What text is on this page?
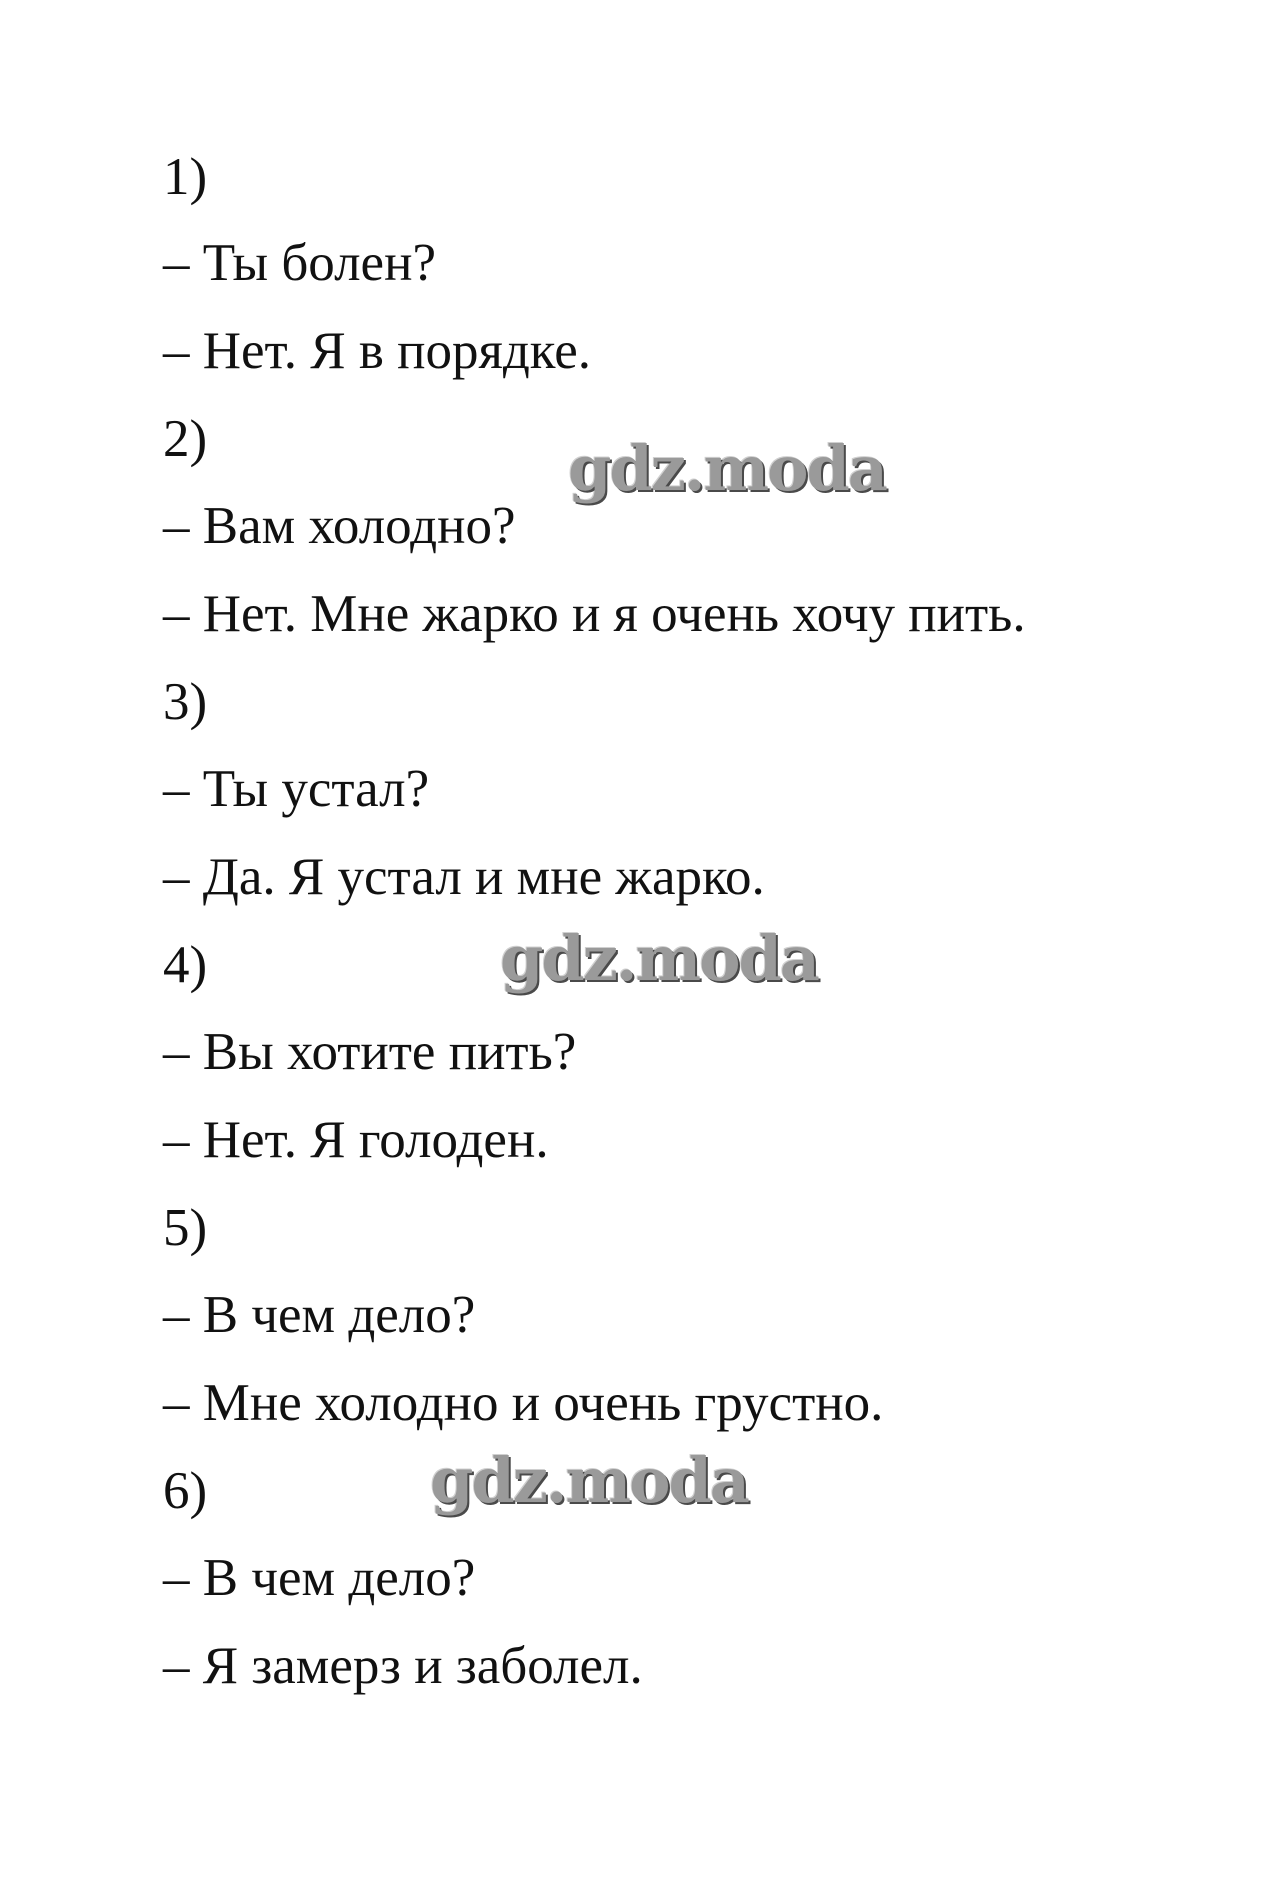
1)

– Ты болен?

– Нет. Я в порядке.

2)

– Вам холодно?

– Нет. Мне жарко и я очень хочу пить.

3)

– Ты устал?

– Да. Я устал и мне жарко.

4)

– Вы хотите пить?

– Нет. Я голоден.

5)

– В чем дело?

– Мне холодно и очень грустно.

6)

– В чем дело?

– Я замерз и заболел.

gdz.moda
gdz.moda
gdz.moda
